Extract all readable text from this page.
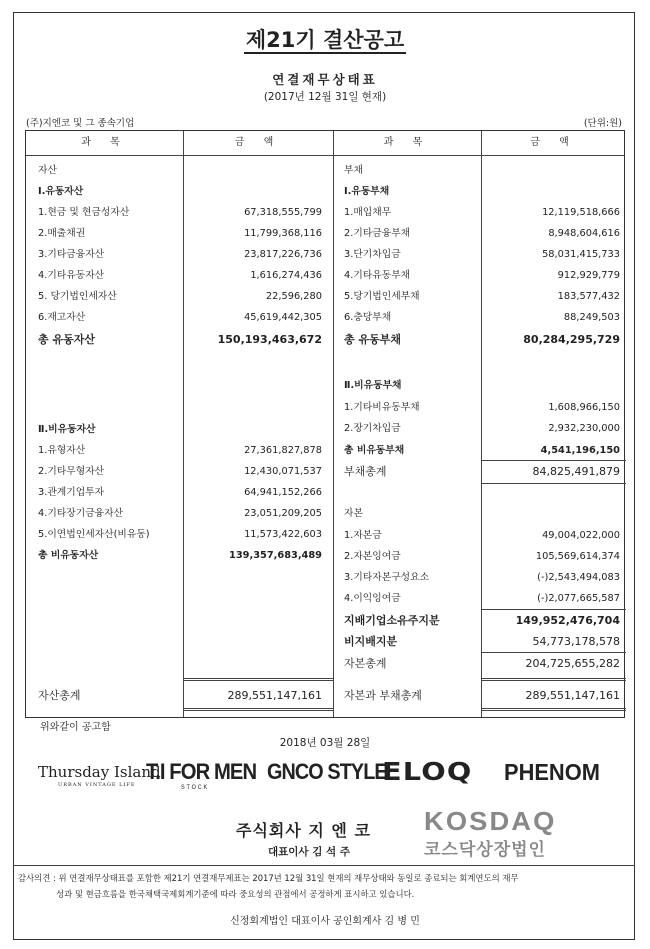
제21기 결산공고
연결재무상태표
(2017년 12월 31일 현재)
(주)지엔코 및 그 종속기업	(단위:원)
과 목	금 액	과 목	금 액
자산
Ⅰ.유동자산
1.현금 및 현금성자산	67,318,555,799
2.매출채권	11,799,368,116
3.기타금융자산	23,817,226,736
4.기타유동자산	1,616,274,436
5. 당기법인세자산	22,596,280
6.재고자산	45,619,442,305
총 유동자산	150,193,463,672
Ⅱ.비유동자산
1.유형자산	27,361,827,878
2.기타무형자산	12,430,071,537
3.관계기업투자	64,941,152,266
4.기타장기금융자산	23,051,209,205
5.이연법인세자산(비유동)	11,573,422,603
총 비유동자산	139,357,683,489
자산총계	289,551,147,161
부채
Ⅰ.유동부채
1.매입채무	12,119,518,666
2.기타금융부채	8,948,604,616
3.단기차입금	58,031,415,733
4.기타유동부채	912,929,779
5.당기법인세부채	183,577,432
6.충당부채	88,249,503
총 유동부채	80,284,295,729
Ⅱ.비유동부채
1.기타비유동부채	1,608,966,150
2.장기차입금	2,932,230,000
총 비유동부채	4,541,196,150
부채총계	84,825,491,879
자본
1.자본금	49,004,022,000
2.자본잉여금	105,569,614,374
3.기타자본구성요소	(-)2,543,494,083
4.이익잉여금	(-)2,077,665,587
지배기업소유주지분	149,952,476,704
비지배지분	54,773,178,578
자본총계	204,725,655,282
자본과 부채총계	289,551,147,161
위와같이 공고함
2018년 03월 28일
Thursday Island
URBAN VINTAGE LIFE
T.I FOR MEN
STOCK
GNCO STYLE
ELOQ PHENOM
주식회사 지 엔 코
대표이사 김 석 주
KOSDAQ
코스닥상장법인
감사의견 : 위 연결재무상태표를 포함한 제21기 연결재무제표는 2017년 12월 31일 현재의 재무상태와 동일로 종료되는 회계연도의 재무
성과 및 현금흐름을 한국채택국제회계기준에 따라 중요성의 관점에서 공정하게 표시하고 있습니다.
신정회계법인 대표이사 공인회계사 김 병 민
